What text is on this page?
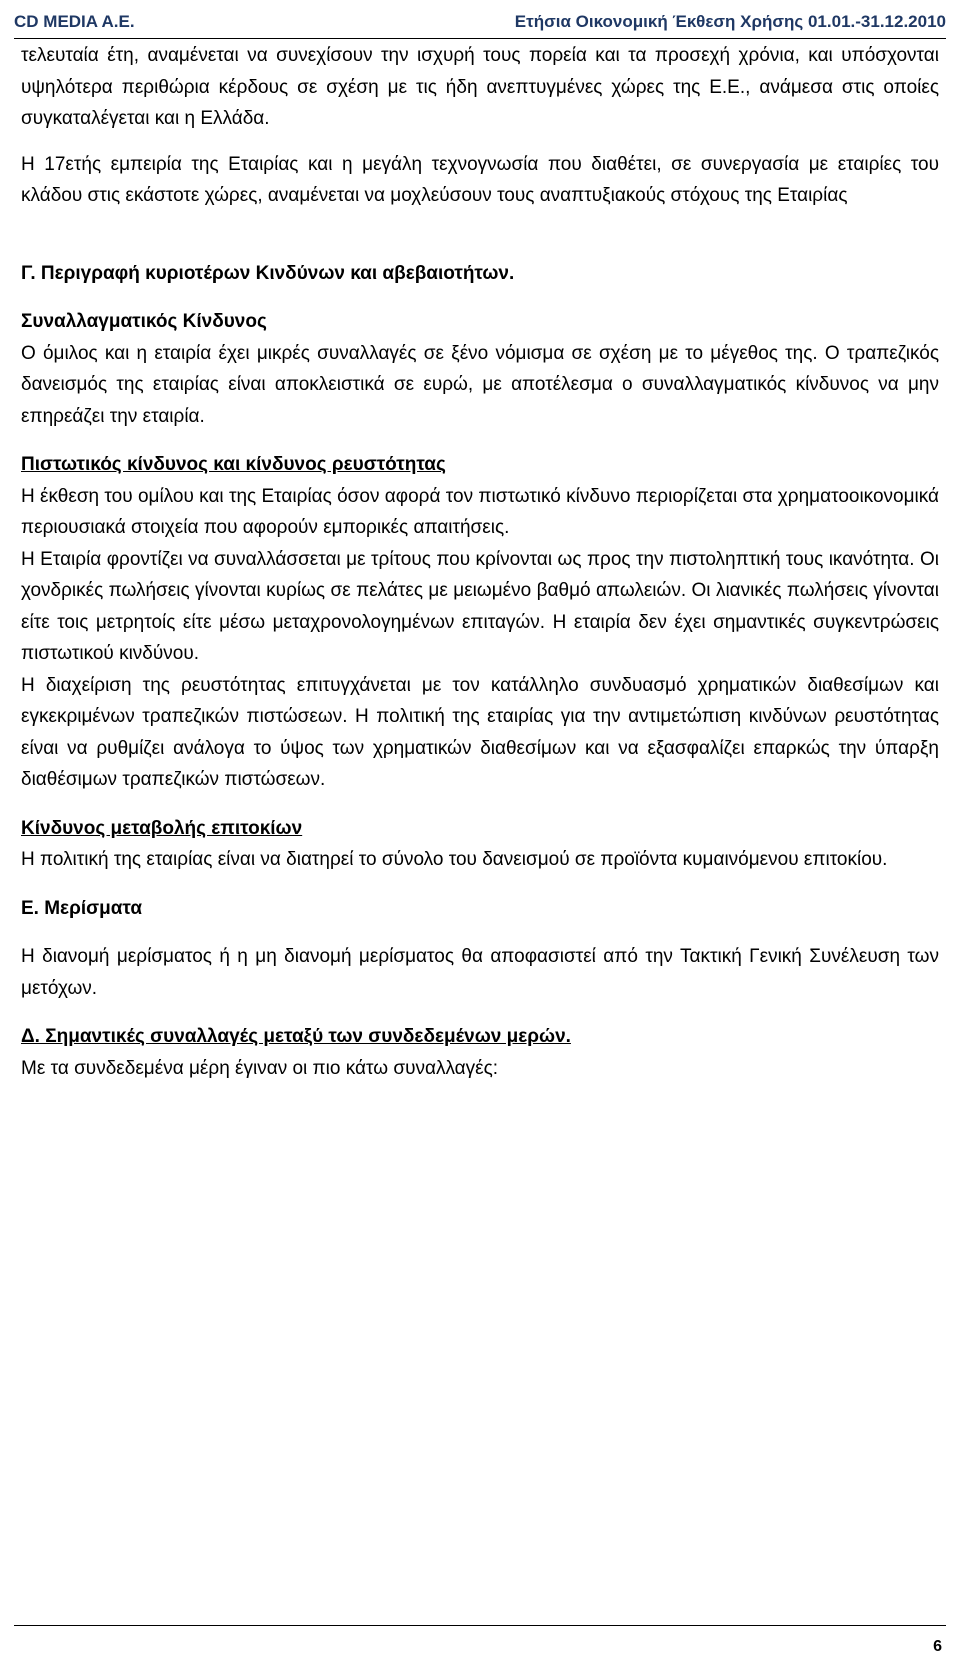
CD MEDIA A.E.	Ετήσια Οικονομική Έκθεση Χρήσης 01.01.-31.12.2010

τελευταία έτη, αναμένεται να συνεχίσουν την ισχυρή τους πορεία και τα προσεχή χρόνια, και υπόσχονται υψηλότερα περιθώρια κέρδους σε σχέση με τις ήδη ανεπτυγμένες χώρες της Ε.Ε., ανάμεσα στις οποίες συγκαταλέγεται και η Ελλάδα.

Η 17ετής εμπειρία της Εταιρίας και η μεγάλη τεχνογνωσία που διαθέτει, σε συνεργασία με εταιρίες του κλάδου στις εκάστοτε χώρες, αναμένεται να μοχλεύσουν τους αναπτυξιακούς στόχους της Εταιρίας

Γ. Περιγραφή κυριοτέρων Κινδύνων και αβεβαιοτήτων.
Συναλλαγματικός Κίνδυνος

Ο όμιλος και η εταιρία έχει μικρές συναλλαγές σε ξένο νόμισμα σε σχέση με το μέγεθος της. Ο τραπεζικός δανεισμός της εταιρίας είναι αποκλειστικά σε ευρώ, με αποτέλεσμα ο συναλλαγματικός κίνδυνος να μην επηρεάζει την εταιρία.

Πιστωτικός κίνδυνος και κίνδυνος ρευστότητας

Η έκθεση του ομίλου και της Εταιρίας όσον αφορά τον πιστωτικό κίνδυνο περιορίζεται στα χρηματοοικονομικά περιουσιακά στοιχεία που αφορούν εμπορικές απαιτήσεις.

Η Εταιρία φροντίζει να συναλλάσσεται με τρίτους που κρίνονται ως προς την πιστοληπτική τους ικανότητα. Οι χονδρικές πωλήσεις γίνονται κυρίως σε πελάτες με μειωμένο βαθμό απωλειών. Οι λιανικές πωλήσεις γίνονται είτε τοις μετρητοίς είτε μέσω μεταχρονολογημένων επιταγών. Η εταιρία δεν έχει σημαντικές συγκεντρώσεις πιστωτικού κινδύνου.

Η διαχείριση της ρευστότητας επιτυγχάνεται με τον κατάλληλο συνδυασμό χρηματικών διαθεσίμων και εγκεκριμένων τραπεζικών πιστώσεων. Η πολιτική της εταιρίας για την αντιμετώπιση κινδύνων ρευστότητας είναι να ρυθμίζει ανάλογα το ύψος των χρηματικών διαθεσίμων και να εξασφαλίζει επαρκώς την ύπαρξη διαθέσιμων τραπεζικών πιστώσεων.

Κίνδυνος μεταβολής επιτοκίων

Η πολιτική της εταιρίας είναι να διατηρεί το σύνολο του δανεισμού σε προϊόντα κυμαινόμενου επιτοκίου.

Ε. Μερίσματα

Η διανομή μερίσματος ή η μη διανομή μερίσματος θα αποφασιστεί από την Τακτική Γενική Συνέλευση των μετόχων.

Δ. Σημαντικές συναλλαγές μεταξύ των συνδεδεμένων μερών.

Με τα συνδεδεμένα μέρη έγιναν οι πιο κάτω συναλλαγές:

6
